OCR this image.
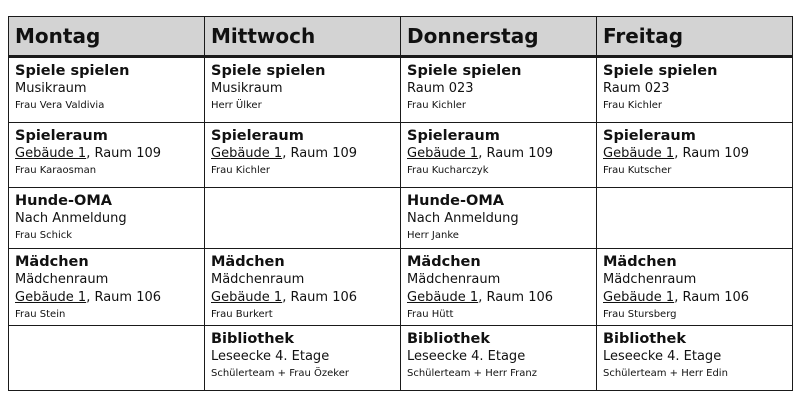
Montag	Mittwoch	Donnerstag	Freitag

Spiele spielen
Musikraum
Frau Vera Valdivia	Spiele spielen
Musikraum
Herr Ülker	Spiele spielen
Raum 023
Frau Kichler	Spiele spielen
Raum 023
Frau Kichler

Spieleraum
Gebäude 1, Raum 109
Frau Karaosman	Spieleraum
Gebäude 1, Raum 109
Frau Kichler	Spieleraum
Gebäude 1, Raum 109
Frau Kucharczyk	Spieleraum
Gebäude 1, Raum 109
Frau Kutscher

Hunde-OMA
Nach Anmeldung
Frau Schick		Hunde-OMA
Nach Anmeldung
Herr Janke	

Mädchen
Mädchenraum
Gebäude 1, Raum 106
Frau Stein	Mädchen
Mädchenraum
Gebäude 1, Raum 106
Frau Burkert	Mädchen
Mädchenraum
Gebäude 1, Raum 106
Frau Hütt	Mädchen
Mädchenraum
Gebäude 1, Raum 106
Frau Stursberg

	Bibliothek
Leseecke 4. Etage
Schülerteam + Frau Özeker	Bibliothek
Leseecke 4. Etage
Schülerteam + Herr Franz	Bibliothek
Leseecke 4. Etage
Schülerteam + Herr Edin
